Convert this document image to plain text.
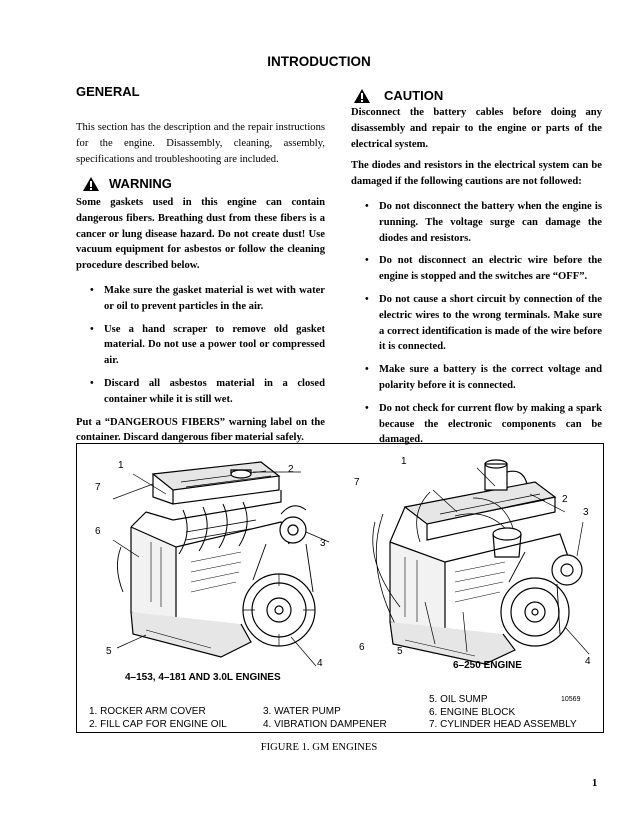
INTRODUCTION
GENERAL
This section has the description and the repair instructions for the engine. Disassembly, cleaning, assembly, specifications and troubleshooting are included.
WARNING
Some gaskets used in this engine can contain dangerous fibers. Breathing dust from these fibers is a cancer or lung disease hazard. Do not create dust! Use vacuum equipment for asbestos or follow the cleaning procedure described below.
• Make sure the gasket material is wet with water or oil to prevent particles in the air.
• Use a hand scraper to remove old gasket material. Do not use a power tool or compressed air.
• Discard all asbestos material in a closed container while it is still wet.
Put a “DANGEROUS FIBERS” warning label on the container. Discard dangerous fiber material safely.
CAUTION
Disconnect the battery cables before doing any disassembly and repair to the engine or parts of the electrical system.
The diodes and resistors in the electrical system can be damaged if the following cautions are not followed:
• Do not disconnect the battery when the engine is running. The voltage surge can damage the diodes and resistors.
• Do not disconnect an electric wire before the engine is stopped and the switches are “OFF”.
• Do not cause a short circuit by connection of the electric wires to the wrong terminals. Make sure a correct identification is made of the wire before it is connected.
• Make sure a battery is the correct voltage and polarity before it is connected.
• Do not check for current flow by making a spark because the electronic components can be damaged.
1	2
3
4
5
6
7
1
2
3
4
5
6
7
4–153, 4–181 AND 3.0L ENGINES
6–250 ENGINE
10569
1. ROCKER ARM COVER
2. FILL CAP FOR ENGINE OIL
3. WATER PUMP
4. VIBRATION DAMPENER
5. OIL SUMP
6. ENGINE BLOCK
7. CYLINDER HEAD ASSEMBLY
FIGURE 1. GM ENGINES
1
